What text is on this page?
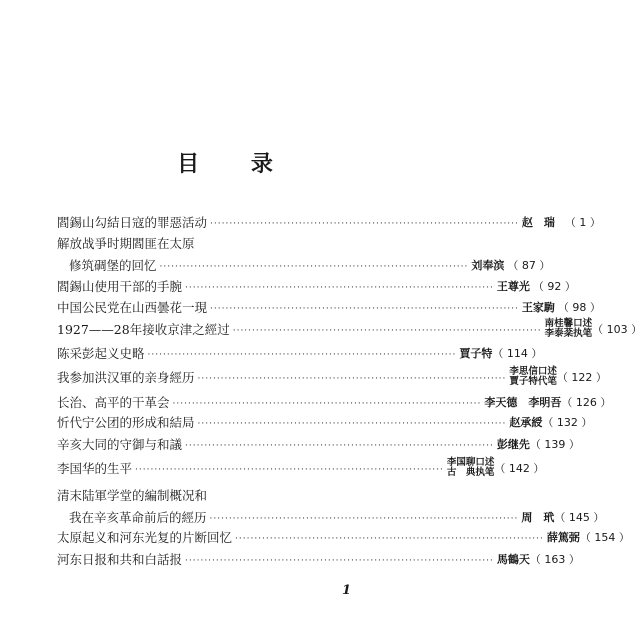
目 录
閻錫山勾結日寇的罪惡活动 ················································································ 赵　瑞 （ 1 ）
解放战爭时期閻匪在太原
修筑碉堡的回忆 ················································································ 刘奉滨 （ 87 ）
閻錫山使用干部的手腕 ················································································ 王尊光 （ 92 ）
中国公民党在山西曇花一現 ················································································ 王家駒 （ 98 ）
1927——28年接收京津之經过 ················································································
南桂馨口述
李泰棻执笔 （ 103 ）
陈采彭起义史略 ················································································ 賈子特 （ 114 ）
我参加洪汉軍的亲身經历 ················································································
李思信口述
賈子特代笔 （ 122 ）
长治、高平的干革会 ················································································ 李天德　李明吾 （ 126 ）
忻代宁公团的形成和結局 ················································································ 赵承綬 （ 132 ）
辛亥大同的守御与和議 ················································································ 彭继先 （ 139 ）
李国华的生平 ················································································
李国聊口述
古　典执笔 （ 142 ）
清末陆軍学堂的編制概况和
我在辛亥革命前后的經历 ················································································ 周　玳 （ 145 ）
太原起义和河东光复的片断回忆 ················································································ 薛篤弼 （ 154 ）
河东日报和共和白話报 ················································································ 馬鶴天 （ 163 ）
1
